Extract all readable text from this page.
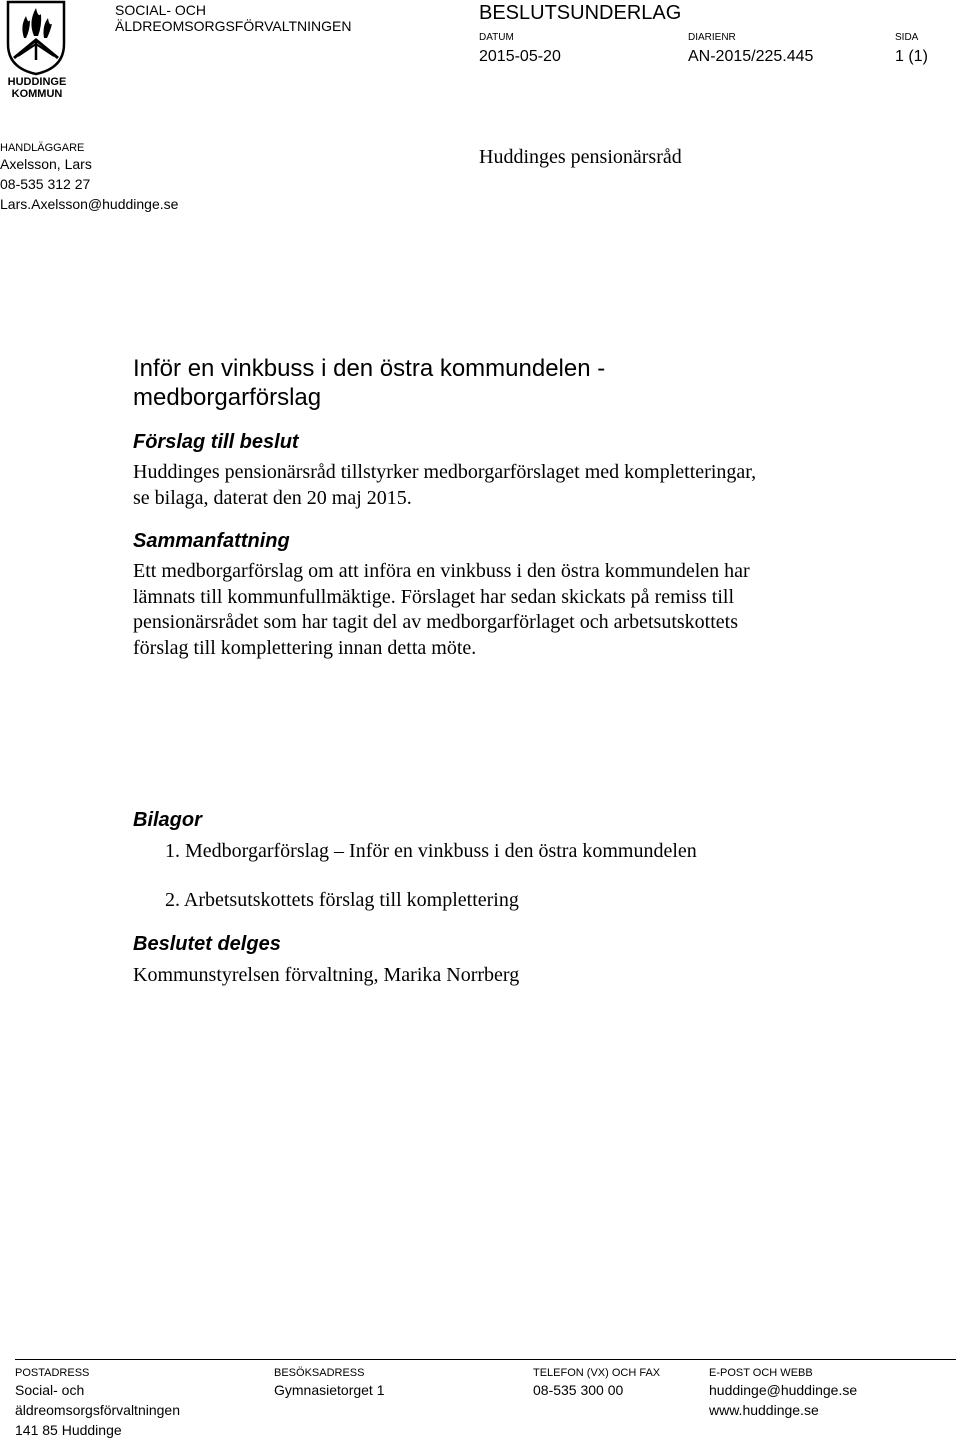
HUDDINGE
KOMMUN
SOCIAL- OCH
ÄLDREOMSORGSFÖRVALTNINGEN
BESLUTSUNDERLAG
DATUM
2015-05-20
DIARIENR
AN-2015/225.445
SIDA
1 (1)
HANDLÄGGARE
Axelsson, Lars
08-535 312 27
Lars.Axelsson@huddinge.se
Huddinges pensionärsråd
Inför en vinkbuss i den östra kommundelen -
medborgarförslag
Förslag till beslut
Huddinges pensionärsråd tillstyrker medborgarförslaget med kompletteringar,
se bilaga, daterat den 20 maj 2015.
Sammanfattning
Ett medborgarförslag om att införa en vinkbuss i den östra kommundelen har
lämnats till kommunfullmäktige. Förslaget har sedan skickats på remiss till
pensionärsrådet som har tagit del av medborgarförlaget och arbetsutskottets
förslag till komplettering innan detta möte.
Bilagor
1. Medborgarförslag – Inför en vinkbuss i den östra kommundelen
2. Arbetsutskottets förslag till komplettering
Beslutet delges
Kommunstyrelsen förvaltning, Marika Norrberg
POSTADRESS
Social- och
äldreomsorgsförvaltningen
141 85 Huddinge
BESÖKSADRESS
Gymnasietorget 1
TELEFON (VX) OCH FAX
08-535 300 00
E-POST OCH WEBB
huddinge@huddinge.se
www.huddinge.se
